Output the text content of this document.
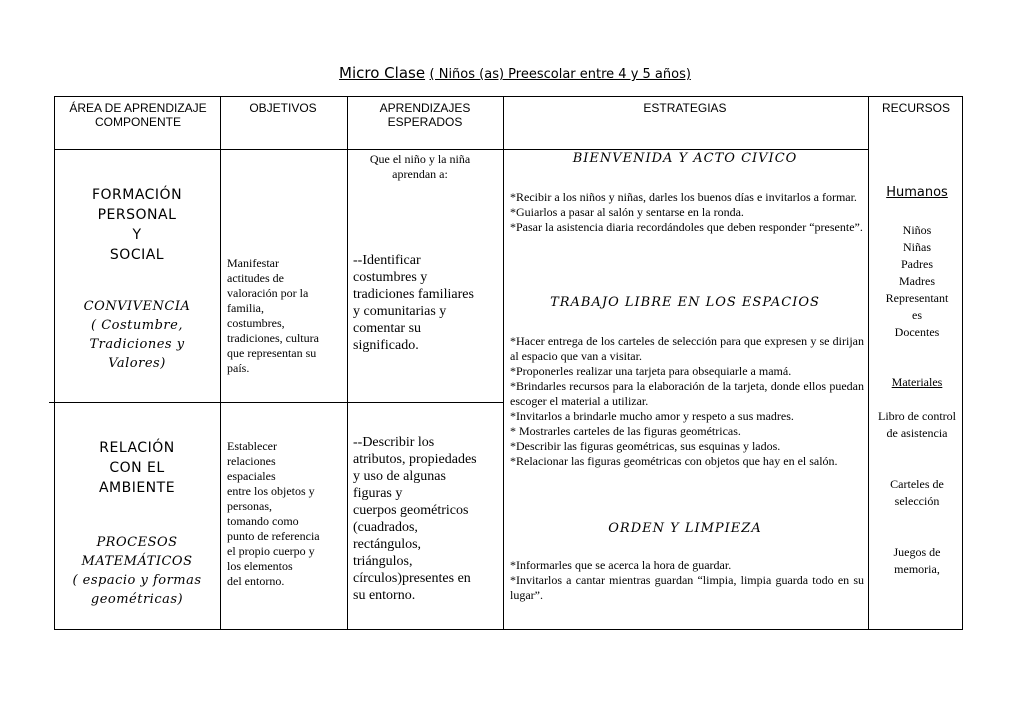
Micro Clase ( Niños (as) Preescolar entre 4 y 5 años)
ÁREA DE APRENDIZAJE COMPONENTE
OBJETIVOS	APRENDIZAJES ESPERADOS
ESTRATEGIAS	RECURSOS
FORMACIÓN
PERSONAL
Y
SOCIAL
CONVIVENCIA
( Costumbre,
Tradiciones y
Valores)
RELACIÓN
CON EL
AMBIENTE
PROCESOS
MATEMÁTICOS
( espacio y formas
geométricas)
Manifestar
actitudes de
valoración por la
familia,
costumbres,
tradiciones, cultura
que representan su
país.
Establecer
relaciones
espaciales
entre los objetos y
personas,
tomando como
punto de referencia
el propio cuerpo y
los elementos
del entorno.
Que el niño y la niña aprendan a:
--Identificar
costumbres y
tradiciones familiares
y comunitarias y
comentar su
significado.
--Describir los
atributos, propiedades
y uso de algunas
figuras y
cuerpos geométricos
(cuadrados,
rectángulos,
triángulos,
círculos)presentes en
su entorno.
BIENVENIDA Y ACTO CIVICO

*Recibir a los niños y niñas, darles los buenos días e invitarlos a formar.

*Guiarlos a pasar al salón y sentarse en la ronda.

*Pasar la asistencia diaria recordándoles que deben responder “presente”.

TRABAJO LIBRE EN LOS ESPACIOS

*Hacer entrega de los carteles de selección para que expresen y se dirijan al espacio que van a visitar.

*Proponerles realizar una tarjeta para obsequiarle a mamá.

*Brindarles recursos para la elaboración de la tarjeta, donde ellos puedan escoger el material a utilizar.

*Invitarlos a brindarle mucho amor y respeto a sus madres.

* Mostrarles carteles de las figuras geométricas.

*Describir las figuras geométricas, sus esquinas y lados.

*Relacionar las figuras geométricas con objetos que hay en el salón.

ORDEN Y LIMPIEZA

*Informarles que se acerca la hora de guardar.

*Invitarlos a cantar mientras guardan “limpia, limpia guarda todo en su lugar”.

Humanos
Niños
Niñas
Padres
Madres
Representant
es
Docentes
Materiales
Libro de control de asistencia
Carteles de selección
Juegos de memoria,
